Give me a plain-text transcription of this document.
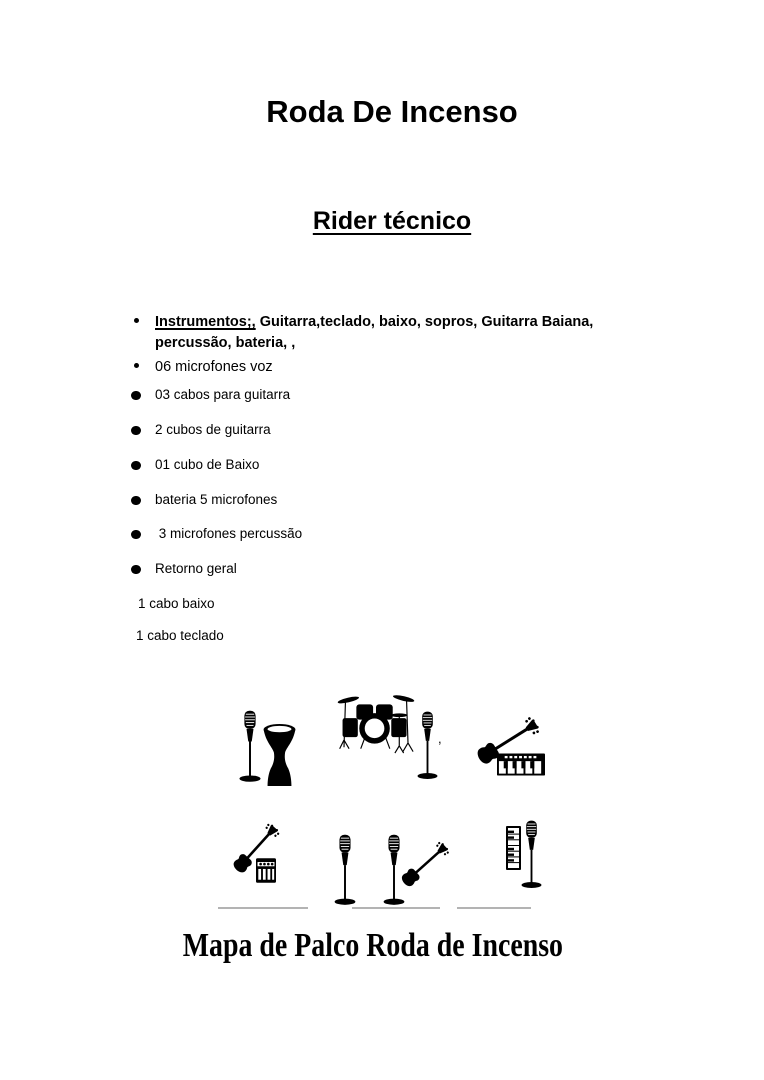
Roda De Incenso
Rider técnico
Instrumentos;, Guitarra,teclado, baixo, sopros, Guitarra Baiana, percussão, bateria, ,
06 microfones voz
03 cabos para guitarra
2 cubos de guitarra
01 cubo de Baixo
bateria 5 microfones
3 microfones percussão
Retorno geral
1 cabo baixo
1 cabo teclado
,
Mapa de Palco Roda de Incenso
